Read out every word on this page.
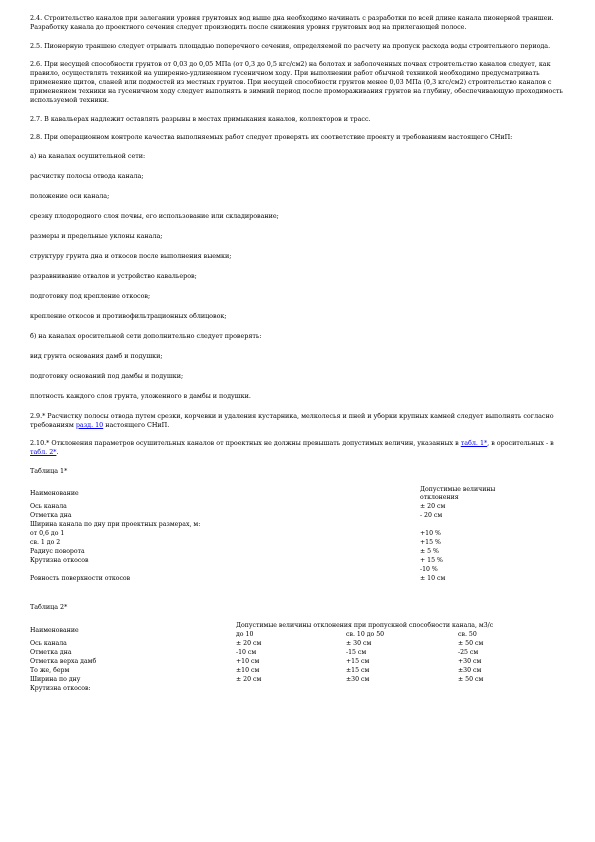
2.4. Строительство каналов при залегании уровня грунтовых вод выше дна необходимо начинать с разработки по всей длине канала пионерной траншеи. Разработку канала до проектного сечения следует производить после снижения уровня грунтовых вод на прилегающей полосе.

2.5. Пионерную траншею следует отрывать площадью поперечного сечения, определяемой по расчету на пропуск расхода воды строительного периода.

2.6. При несущей способности грунтов от 0,03 до 0,05 МПа (от 0,3 до 0,5 кгс/см2) на болотах и заболоченных почвах строительство каналов следует, как правило, осуществлять техникой на уширенно-удлиненном гусеничном ходу. При выполнении работ обычной техникой необходимо предусматривать применение щитов, сланей или подмостей из местных грунтов. При несущей способности грунтов менее 0,03 МПа (0,3 кгс/см2) строительство каналов с применением техники на гусеничном ходу следует выполнять в зимний период после промораживания грунтов на глубину, обеспечивающую проходимость используемой техники.

2.7. В кавальерах надлежит оставлять разрывы в местах примыкания каналов, коллекторов и трасс.

2.8. При операционном контроле качества выполняемых работ следует проверять их соответствие проекту и требованиям настоящего СНиП:

а) на каналах осушительной сети:

расчистку полосы отвода канала;

положение оси канала;

срезку плодородного слоя почвы, его использование или складирование;

размеры и предельные уклоны канала;

структуру грунта дна и откосов после выполнения выемки;

разравнивание отвалов и устройство кавальеров;

подготовку под крепление откосов;

крепление откосов и противофильтрационных облицовок;

б) на каналах оросительной сети дополнительно следует проверять:

вид грунта основания дамб и подушки;

подготовку оснований под дамбы и подушки;

плотность каждого слоя грунта, уложенного в дамбы и подушки.

2.9.* Расчистку полосы отвода путем срезки, корчевки и удаления кустарника, мелколесья и пней и уборки крупных камней следует выполнять согласно требованиям разд. 10 настоящего СНиП.

2.10.* Отклонения параметров осушительных каналов от проектных не должны превышать допустимых величин, указанных в табл. 1*, в оросительных - в табл. 2*.

Таблица 1*

Наименование	Допустимые величины отклонения
Ось канала	± 20 см
Отметка дна	- 20 см
Ширина канала по дну при проектных размерах, м:	
от 0,6 до 1	+10 %
св. 1 до 2	+15 %
Радиус поворота	± 5 %
Крутизна откосов	+ 15 %
	-10 %
Ровность поверхности откосов	± 10 см

Таблица 2*

Наименование	Допустимые величины отклонения при пропускной способности канала, м3/с		
	до 10	св. 10 до 50	св. 50
Ось канала	± 20 см	± 30 см	± 50 см
Отметка дна	-10 см	-15 см	-25 см
Отметка верха дамб	+10 см	+15 см	+30 см
То же, берм	±10 см	±15 см	±30 см
Ширина по дну	± 20 см	±30 см	± 50 см
Крутизна откосов:			
